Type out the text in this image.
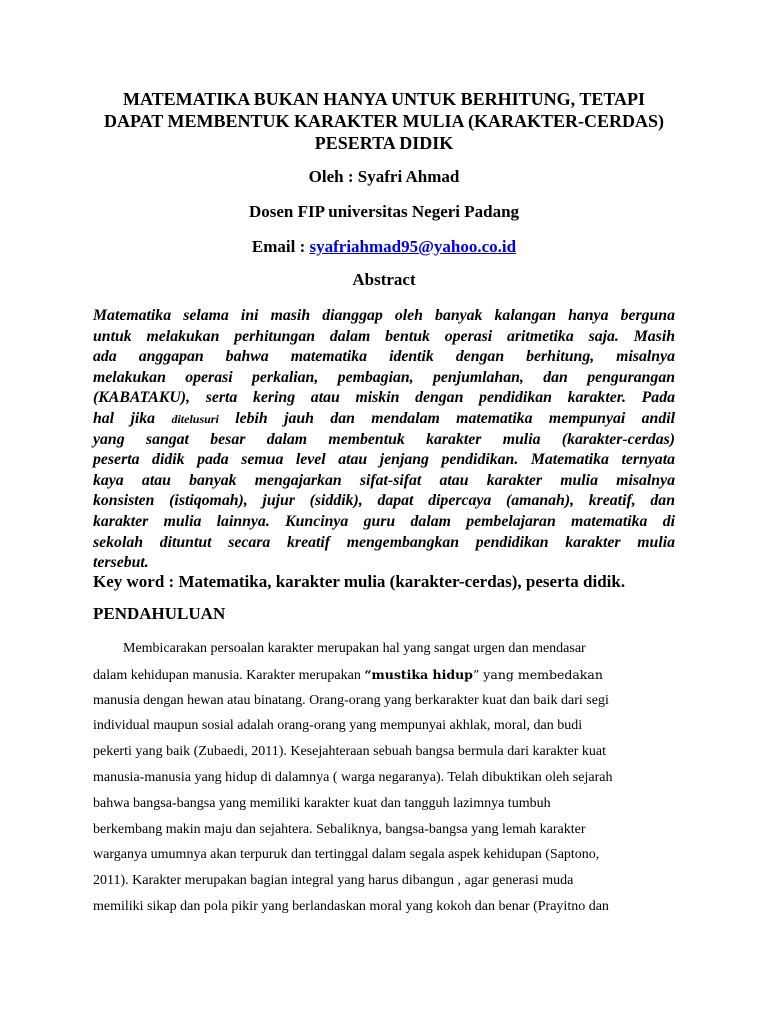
MATEMATIKA BUKAN HANYA UNTUK BERHITUNG, TETAPI
DAPAT MEMBENTUK KARAKTER MULIA (KARAKTER-CERDAS)
PESERTA DIDIK
Oleh : Syafri Ahmad
Dosen FIP universitas Negeri Padang
Email : syafriahmad95@yahoo.co.id
Abstract
Matematika selama ini masih dianggap oleh banyak kalangan hanya berguna
untuk melakukan perhitungan dalam bentuk operasi aritmetika saja. Masih
ada anggapan bahwa matematika identik dengan berhitung, misalnya
melakukan operasi perkalian, pembagian, penjumlahan, dan pengurangan
(KABATAKU), serta kering atau miskin dengan pendidikan karakter. Pada
hal jika ditelusuri lebih jauh dan mendalam matematika mempunyai andil
yang sangat besar dalam membentuk karakter mulia (karakter-cerdas)
peserta didik pada semua level atau jenjang pendidikan. Matematika ternyata
kaya atau banyak mengajarkan sifat-sifat atau karakter mulia misalnya
konsisten (istiqomah), jujur (siddik), dapat dipercaya (amanah), kreatif, dan
karakter mulia lainnya. Kuncinya guru dalam pembelajaran matematika di
sekolah dituntut secara kreatif mengembangkan pendidikan karakter mulia
tersebut.
Key word : Matematika, karakter mulia (karakter-cerdas), peserta didik.
PENDAHULUAN
Membicarakan persoalan karakter merupakan hal yang sangat urgen dan mendasar
dalam kehidupan manusia. Karakter merupakan “mustika hidup” yang membedakan
manusia dengan hewan atau binatang. Orang-orang yang berkarakter kuat dan baik dari segi
individual maupun sosial adalah orang-orang yang mempunyai akhlak, moral, dan budi
pekerti yang baik (Zubaedi, 2011). Kesejahteraan sebuah bangsa bermula dari karakter kuat
manusia-manusia yang hidup di dalamnya ( warga negaranya). Telah dibuktikan oleh sejarah
bahwa bangsa-bangsa yang memiliki karakter kuat dan tangguh lazimnya tumbuh
berkembang makin maju dan sejahtera. Sebaliknya, bangsa-bangsa yang lemah karakter
warganya umumnya akan terpuruk dan tertinggal dalam segala aspek kehidupan (Saptono,
2011). Karakter merupakan bagian integral yang harus dibangun , agar generasi muda
memiliki sikap dan pola pikir yang berlandaskan moral yang kokoh dan benar (Prayitno dan
